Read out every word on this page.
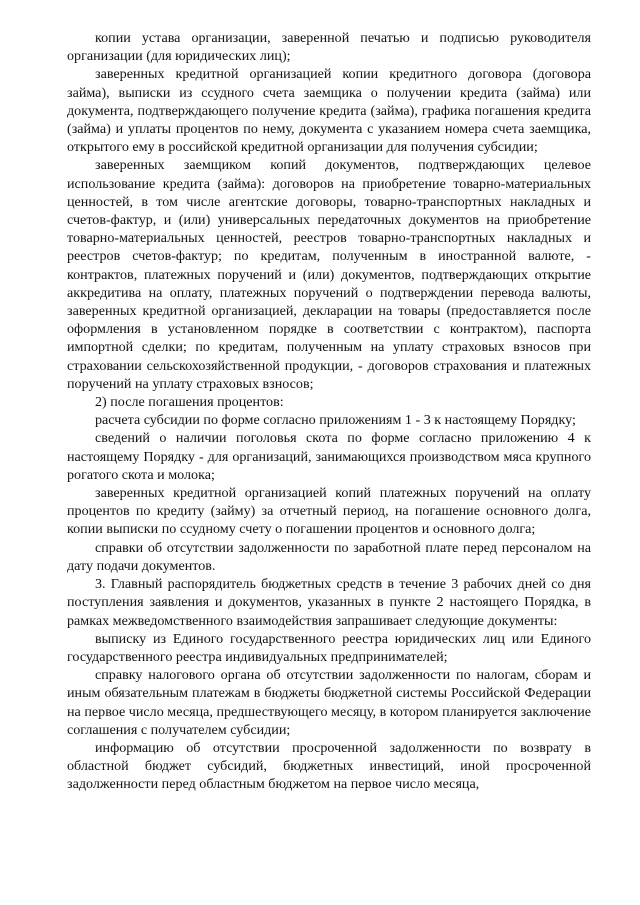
копии устава организации, заверенной печатью и подписью руководителя организации (для юридических лиц);

заверенных кредитной организацией копии кредитного договора (договора займа), выписки из ссудного счета заемщика о получении кредита (займа) или документа, подтверждающего получение кредита (займа), графика погашения кредита (займа) и уплаты процентов по нему, документа с указанием номера счета заемщика, открытого ему в российской кредитной организации для получения субсидии;

заверенных заемщиком копий документов, подтверждающих целевое использование кредита (займа): договоров на приобретение товарно-материальных ценностей, в том числе агентские договоры, товарно-транспортных накладных и счетов-фактур, и (или) универсальных передаточных документов на приобретение товарно-материальных ценностей, реестров товарно-транспортных накладных и реестров счетов-фактур; по кредитам, полученным в иностранной валюте, - контрактов, платежных поручений и (или) документов, подтверждающих открытие аккредитива на оплату, платежных поручений о подтверждении перевода валюты, заверенных кредитной организацией, декларации на товары (предоставляется после оформления в установленном порядке в соответствии с контрактом), паспорта импортной сделки; по кредитам, полученным на уплату страховых взносов при страховании сельскохозяйственной продукции, - договоров страхования и платежных поручений на уплату страховых взносов;

2) после погашения процентов:

расчета субсидии по форме согласно приложениям 1 - 3 к настоящему Порядку;

сведений о наличии поголовья скота по форме согласно приложению 4 к настоящему Порядку - для организаций, занимающихся производством мяса крупного рогатого скота и молока;

заверенных кредитной организацией копий платежных поручений на оплату процентов по кредиту (займу) за отчетный период, на погашение основного долга, копии выписки по ссудному счету о погашении процентов и основного долга;

справки об отсутствии задолженности по заработной плате перед персоналом на дату подачи документов.

3. Главный распорядитель бюджетных средств в течение 3 рабочих дней со дня поступления заявления и документов, указанных в пункте 2 настоящего Порядка, в рамках межведомственного взаимодействия запрашивает следующие документы:

выписку из Единого государственного реестра юридических лиц или Единого государственного реестра индивидуальных предпринимателей;

справку налогового органа об отсутствии задолженности по налогам, сборам и иным обязательным платежам в бюджеты бюджетной системы Российской Федерации на первое число месяца, предшествующего месяцу, в котором планируется заключение соглашения с получателем субсидии;

информацию об отсутствии просроченной задолженности по возврату в областной бюджет субсидий, бюджетных инвестиций, иной просроченной задолженности перед областным бюджетом на первое число месяца,
